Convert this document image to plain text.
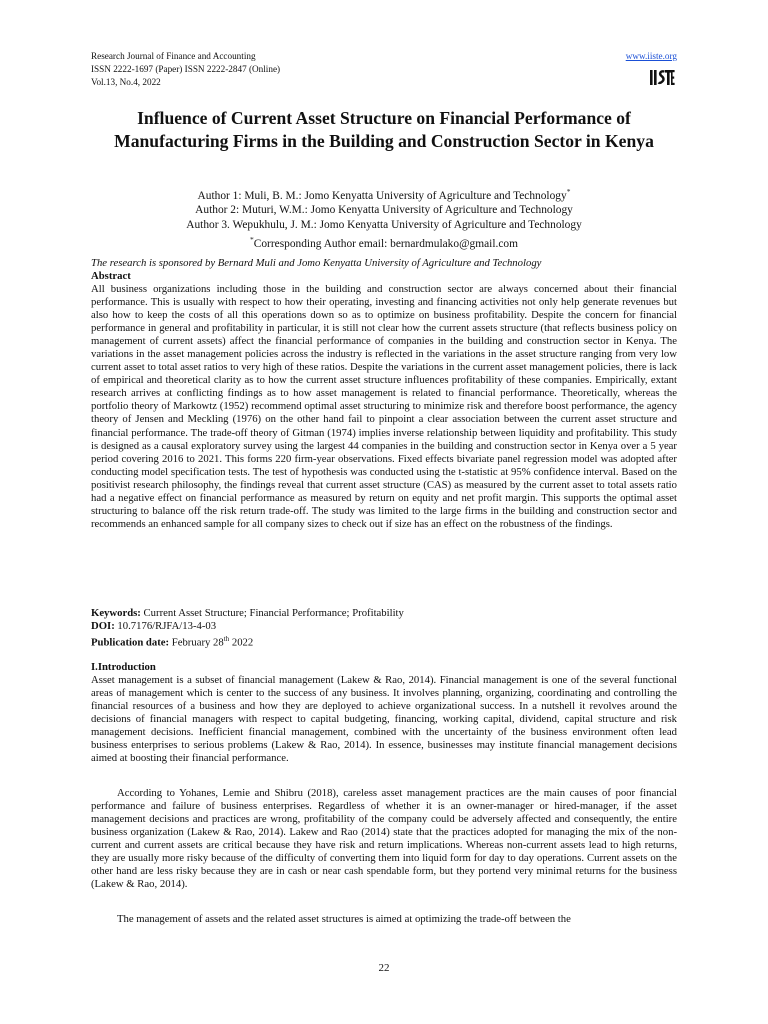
Research Journal of Finance and Accounting
ISSN 2222-1697 (Paper) ISSN 2222-2847 (Online)
Vol.13, No.4, 2022
www.iiste.org
Influence of Current Asset Structure on Financial Performance of Manufacturing Firms in the Building and Construction Sector in Kenya
Author 1: Muli, B. M.: Jomo Kenyatta University of Agriculture and Technology*
Author 2: Muturi, W.M.: Jomo Kenyatta University of Agriculture and Technology
Author 3. Wepukhulu, J. M.: Jomo Kenyatta University of Agriculture and Technology
*Corresponding Author email: bernardmulako@gmail.com
The research is sponsored by Bernard Muli and Jomo Kenyatta University of Agriculture and Technology
Abstract

All business organizations including those in the building and construction sector are always concerned about their financial performance. This is usually with respect to how their operating, investing and financing activities not only help generate revenues but also how to keep the costs of all this operations down so as to optimize on business profitability. Despite the concern for financial performance in general and profitability in particular, it is still not clear how the current assets structure (that reflects business policy on management of current assets) affect the financial performance of companies in the building and construction sector in Kenya. The variations in the asset management policies across the industry is reflected in the variations in the asset structure ranging from very low current asset to total asset ratios to very high of these ratios. Despite the variations in the current asset management policies, there is lack of empirical and theoretical clarity as to how the current asset structure influences profitability of these companies. Empirically, extant research arrives at conflicting findings as to how asset management is related to financial performance. Theoretically, whereas the portfolio theory of Markowtz (1952) recommend optimal asset structuring to minimize risk and therefore boost performance, the agency theory of Jensen and Meckling (1976) on the other hand fail to pinpoint a clear association between the current asset structure and financial performance. The trade-off theory of Gitman (1974) implies inverse relationship between liquidity and profitability. This study is designed as a causal exploratory survey using the largest 44 companies in the building and construction sector in Kenya over a 5 year period covering 2016 to 2021. This forms 220 firm-year observations. Fixed effects bivariate panel regression model was adopted after conducting model specification tests. The test of hypothesis was conducted using the t-statistic at 95% confidence interval. Based on the positivist research philosophy, the findings reveal that current asset structure (CAS) as measured by the current asset to total assets ratio had a negative effect on financial performance as measured by return on equity and net profit margin. This supports the optimal asset structuring to balance off the risk return trade-off. The study was limited to the large firms in the building and construction sector and recommends an enhanced sample for all company sizes to check out if size has an effect on the robustness of the findings.

Keywords: Current Asset Structure; Financial Performance; Profitability
DOI: 10.7176/RJFA/13-4-03
Publication date: February 28th 2022
I.Introduction

Asset management is a subset of financial management (Lakew & Rao, 2014). Financial management is one of the several functional areas of management which is center to the success of any business. It involves planning, organizing, coordinating and controlling the financial resources of a business and how they are deployed to achieve organizational success. In a nutshell it revolves around the decisions of financial managers with respect to capital budgeting, financing, working capital, dividend, capital structure and risk management decisions. Inefficient financial management, combined with the uncertainty of the business environment often lead business enterprises to serious problems (Lakew & Rao, 2014). In essence, businesses may institute financial management decisions aimed at boosting their financial performance.

According to Yohanes, Lemie and Shibru (2018), careless asset management practices are the main causes of poor financial performance and failure of business enterprises. Regardless of whether it is an owner-manager or hired-manager, if the asset management decisions and practices are wrong, profitability of the company could be adversely affected and consequently, the entire business organization (Lakew & Rao, 2014). Lakew and Rao (2014) state that the practices adopted for managing the mix of the non-current and current assets are critical because they have risk and return implications. Whereas non-current assets lead to high returns, they are usually more risky because of the difficulty of converting them into liquid form for day to day operations. Current assets on the other hand are less risky because they are in cash or near cash spendable form, but they portend very minimal returns for the business (Lakew & Rao, 2014).

The management of assets and the related asset structures is aimed at optimizing the trade-off between the

22
